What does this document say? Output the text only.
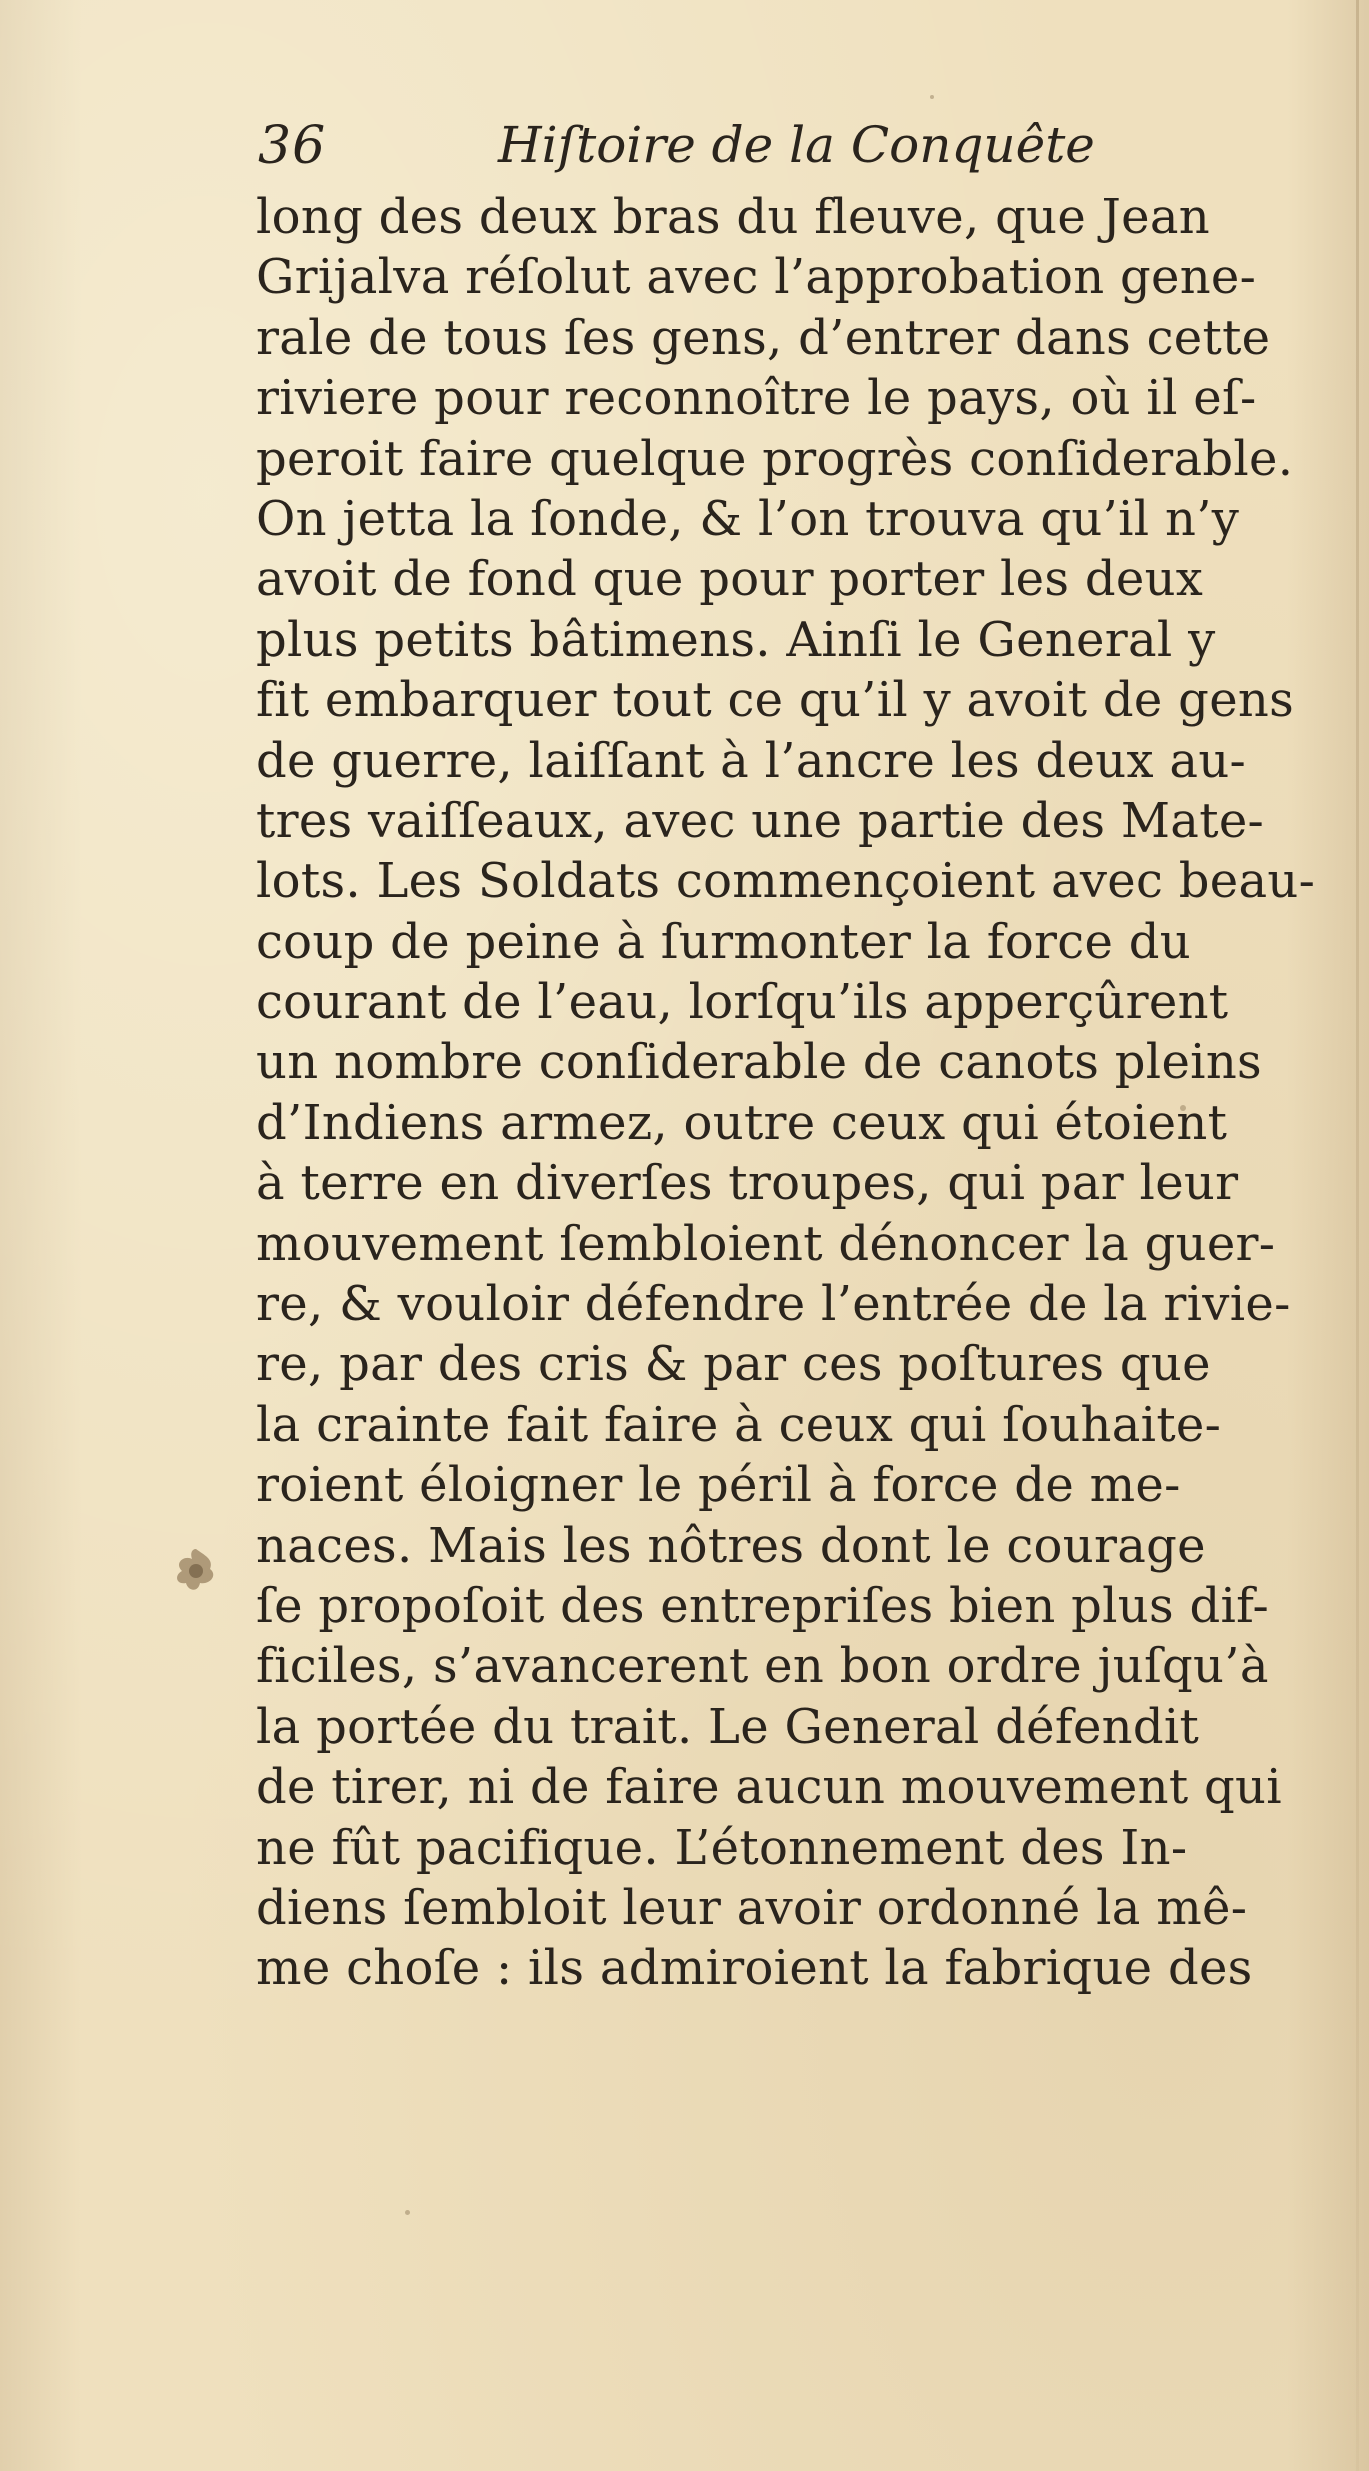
36	Hiſtoire de la Conquête
long des deux bras du fleuve, que Jean
Grijalva réſolut avec l’approbation gene-
rale de tous ſes gens, d’entrer dans cette
riviere pour reconnoître le pays, où il eſ-
peroit faire quelque progrès conſiderable.
On jetta la ſonde, & l’on trouva qu’il n’y
avoit de fond que pour porter les deux
plus petits bâtimens. Ainſi le General y
fit embarquer tout ce qu’il y avoit de gens
de guerre, laiſſant à l’ancre les deux au-
tres vaiſſeaux, avec une partie des Mate-
lots. Les Soldats commençoient avec beau-
coup de peine à ſurmonter la force du
courant de l’eau, lorſqu’ils apperçûrent
un nombre conſiderable de canots pleins
d’Indiens armez, outre ceux qui étoient
à terre en diverſes troupes, qui par leur
mouvement ſembloient dénoncer la guer-
re, & vouloir défendre l’entrée de la rivie-
re, par des cris & par ces poſtures que
la crainte fait faire à ceux qui ſouhaite-
roient éloigner le péril à force de me-
naces. Mais les nôtres dont le courage
ſe propoſoit des entrepriſes bien plus dif-
ficiles, s’avancerent en bon ordre juſqu’à
la portée du trait. Le General défendit
de tirer, ni de faire aucun mouvement qui
ne fût pacifique. L’étonnement des In-
diens ſembloit leur avoir ordonné la mê-
me choſe : ils admiroient la fabrique des
